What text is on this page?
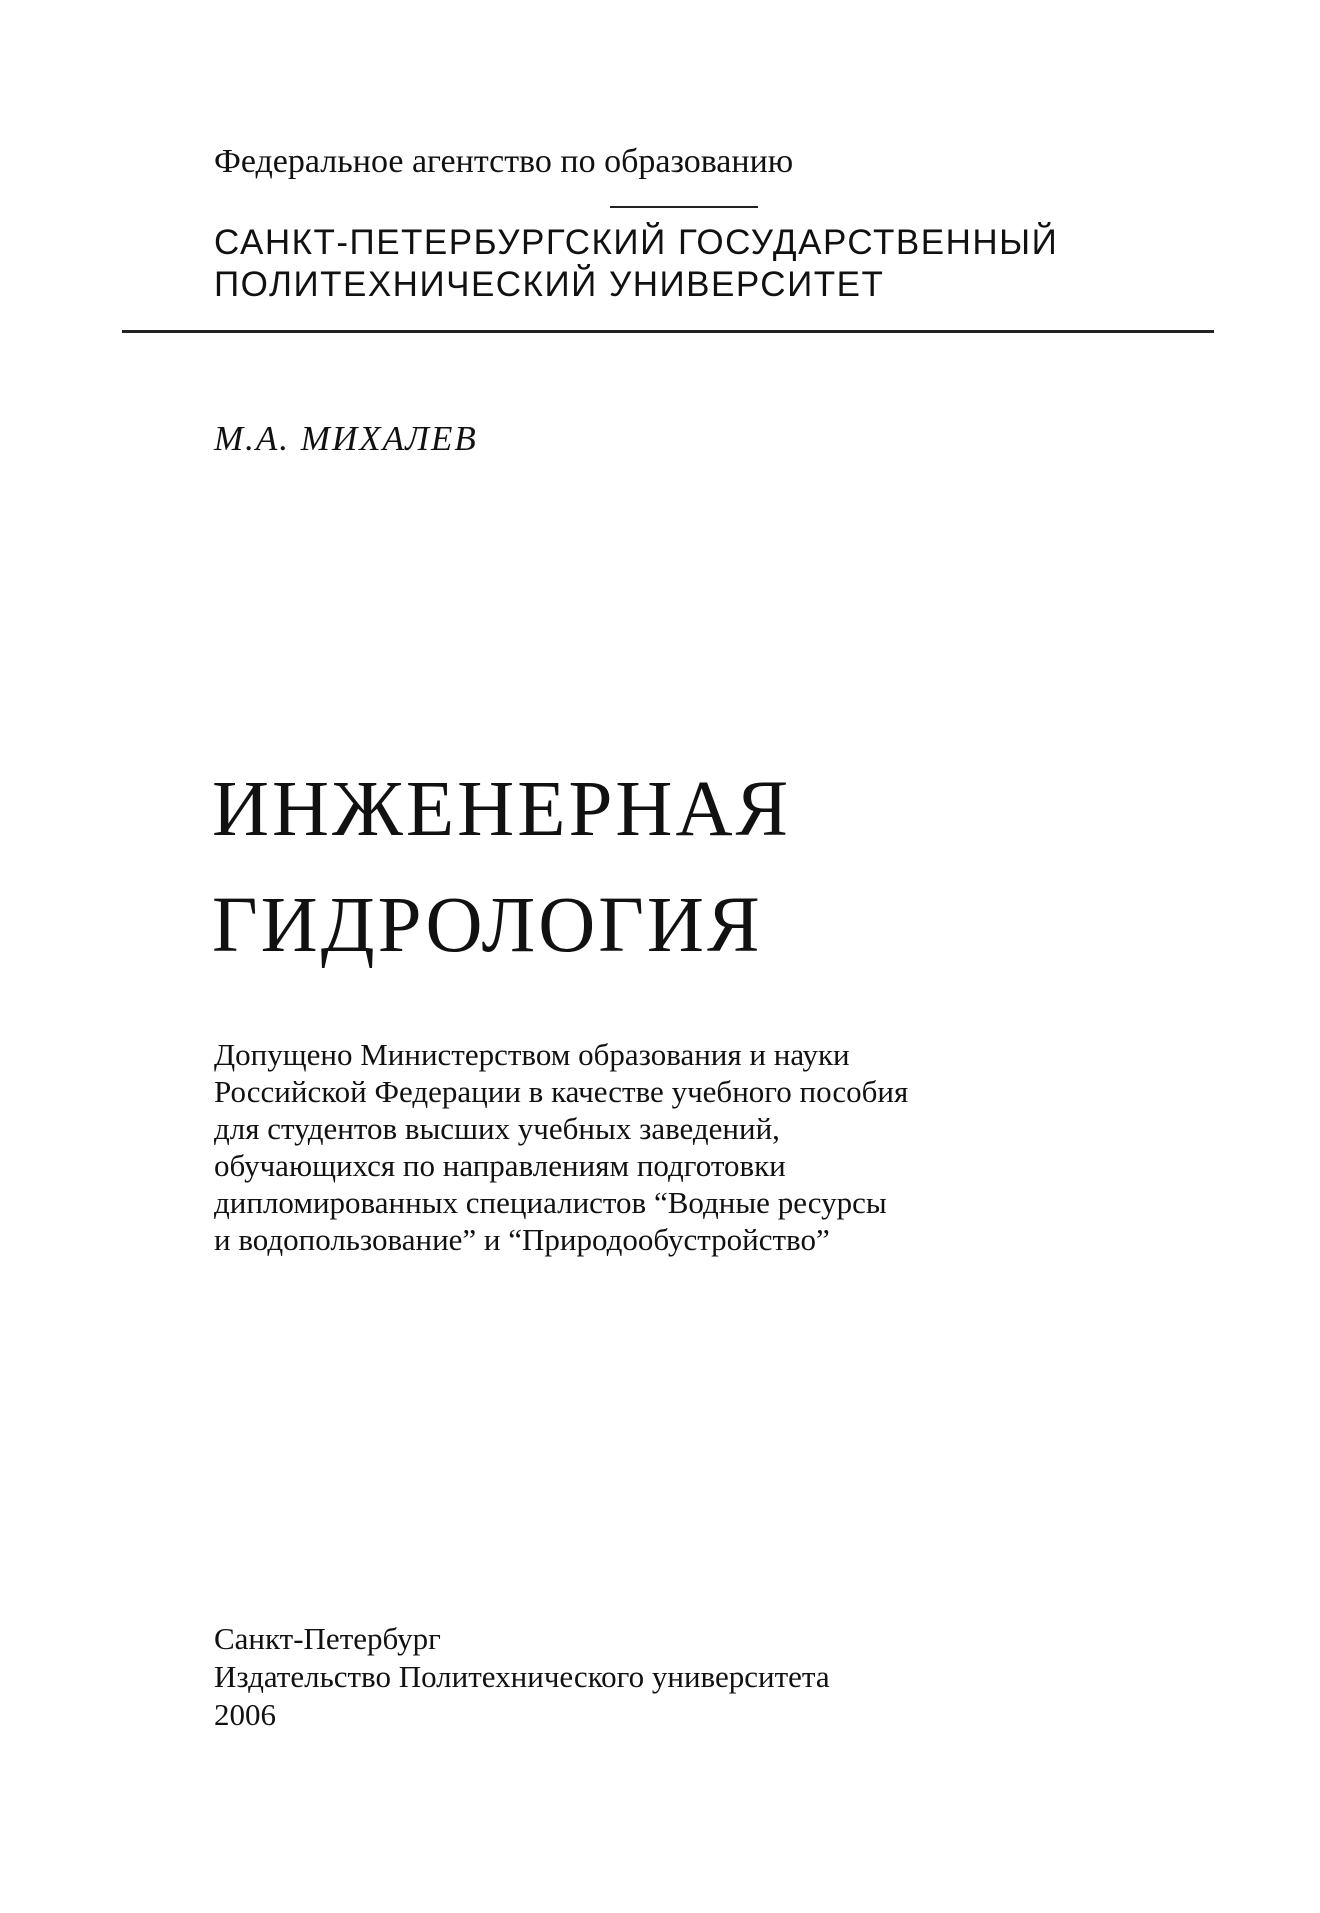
Федеральное агентство по образованию
САНКТ-ПЕТЕРБУРГСКИЙ ГОСУДАРСТВЕННЫЙ
ПОЛИТЕХНИЧЕСКИЙ УНИВЕРСИТЕТ
М.А. МИХАЛЕВ
ИНЖЕНЕРНАЯ
ГИДРОЛОГИЯ
Допущено Министерством образования и науки
Российской Федерации в качестве учебного пособия
для студентов высших учебных заведений,
обучающихся по направлениям подготовки
дипломированных специалистов “Водные ресурсы
и водопользование” и “Природообустройство”
Санкт-Петербург
Издательство Политехнического университета
2006
